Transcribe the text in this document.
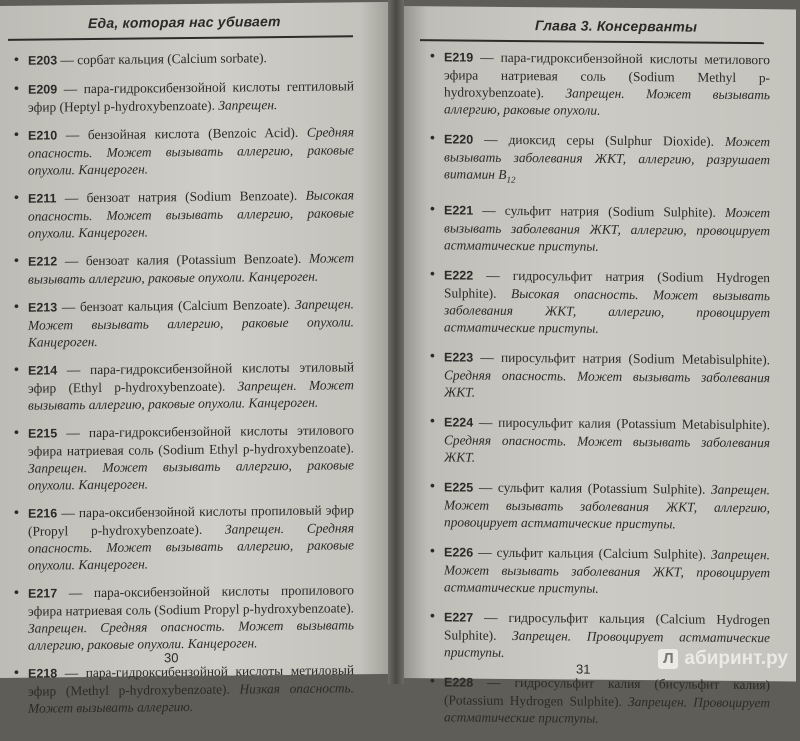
Еда, которая нас убивает
• E203 — сорбат кальция (Calcium sorbate).
• E209 — пара-гидроксибензойной кислоты гептиловый эфир (Heptyl p-hydroxybenzoate). Запрещен.
• E210 — бензойная кислота (Benzoic Acid). Средняя опасность. Может вызывать аллергию, раковые опухоли. Канцероген.
• E211 — бензоат натрия (Sodium Benzoate). Высокая опасность. Может вызывать аллергию, раковые опухоли. Канцероген.
• E212 — бензоат калия (Potassium Benzoate). Может вызывать аллергию, раковые опухоли. Канцероген.
• E213 — бензоат кальция (Calcium Benzoate). Запрещен. Может вызывать аллергию, раковые опухоли. Канцероген.
• E214 — пара-гидроксибензойной кислоты этиловый эфир (Ethyl p-hydroxybenzoate). Запрещен. Может вызывать аллергию, раковые опухоли. Канцероген.
• E215 — пара-гидроксибензойной кислоты этилового эфира натриевая соль (Sodium Ethyl p-hydroxybenzoate). Запрещен. Может вызывать аллергию, раковые опухоли. Канцероген.
• E216 — пара-оксибензойной кислоты пропиловый эфир (Propyl p-hydroxybenzoate). Запрещен. Средняя опасность. Может вызывать аллергию, раковые опухоли. Канцероген.
• E217 — пара-оксибензойной кислоты пропилового эфира натриевая соль (Sodium Propyl p-hydroxybenzoate). Запрещен. Средняя опасность. Может вызывать аллергию, раковые опухоли. Канцероген.
• E218 — пара-гидроксибензойной кислоты метиловый эфир (Methyl p-hydroxybenzoate). Низкая опасность. Может вызывать аллергию.
30
Глава 3. Консерванты
• E219 — пара-гидроксибензойной кислоты метилового эфира натриевая соль (Sodium Methyl p-hydroxybenzoate). Запрещен. Может вызывать аллергию, раковые опухоли.
• E220 — диоксид серы (Sulphur Dioxide). Может вызывать заболевания ЖКТ, аллергию, разрушает витамин $B_{12}$
• E221 — сульфит натрия (Sodium Sulphite). Может вызывать заболевания ЖКТ, аллергию, провоцирует астматические приступы.
• E222 — гидросульфит натрия (Sodium Hydrogen Sulphite). Высокая опасность. Может вызывать заболевания ЖКТ, аллергию, провоцирует астматические приступы.
• E223 — пиросульфит натрия (Sodium Metabisulphite). Средняя опасность. Может вызывать заболевания ЖКТ.
• E224 — пиросульфит калия (Potassium Metabisulphite). Средняя опасность. Может вызывать заболевания ЖКТ.
• E225 — сульфит калия (Potassium Sulphite). Запрещен. Может вызывать заболевания ЖКТ, аллергию, провоцирует астматические приступы.
• E226 — сульфит кальция (Calcium Sulphite). Запрещен. Может вызывать заболевания ЖКТ, провоцирует астматические приступы.
• E227 — гидросульфит кальция (Calcium Hydrogen Sulphite). Запрещен. Провоцирует астматические приступы.
• E228 — гидросульфит калия (бисульфит калия) (Potassium Hydrogen Sulphite). Запрещен. Провоцирует астматические приступы.
31
Л абиринт.ру
